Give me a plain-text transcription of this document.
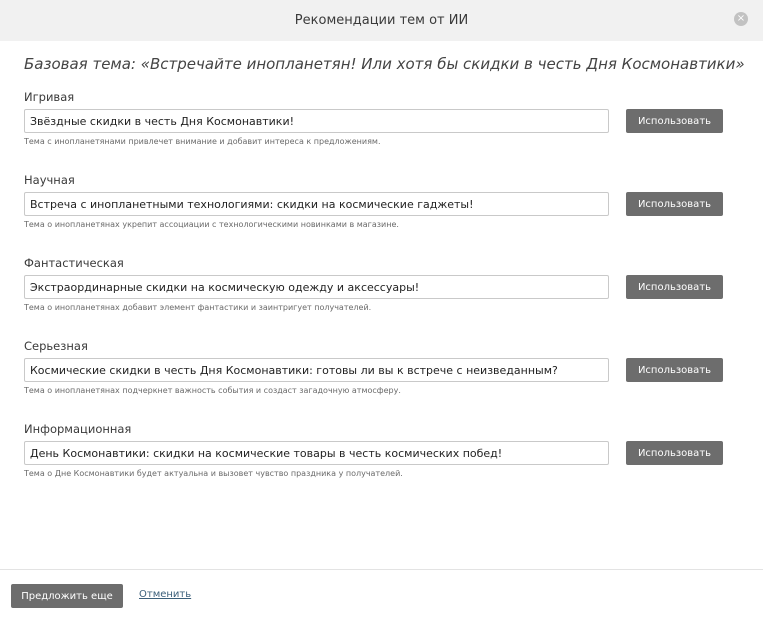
Рекомендации тем от ИИ	×
Базовая тема: «Встречайте инопланетян! Или хотя бы скидки в честь Дня Космонавтики»
Игривая
Звёздные скидки в честь Дня Космонавтики!
Использовать
Тема с инопланетянами привлечет внимание и добавит интереса к предложениям.
Научная
Встреча с инопланетными технологиями: скидки на космические гаджеты!
Использовать
Тема о инопланетянах укрепит ассоциации с технологическими новинками в магазине.
Фантастическая
Экстраординарные скидки на космическую одежду и аксессуары!
Использовать
Тема о инопланетянах добавит элемент фантастики и заинтригует получателей.
Серьезная
Космические скидки в честь Дня Космонавтики: готовы ли вы к встрече с неизведанным?
Использовать
Тема о инопланетянах подчеркнет важность события и создаст загадочную атмосферу.
Информационная
День Космонавтики: скидки на космические товары в честь космических побед!
Использовать
Тема о Дне Космонавтики будет актуальна и вызовет чувство праздника у получателей.
Предложить еще	Отменить
